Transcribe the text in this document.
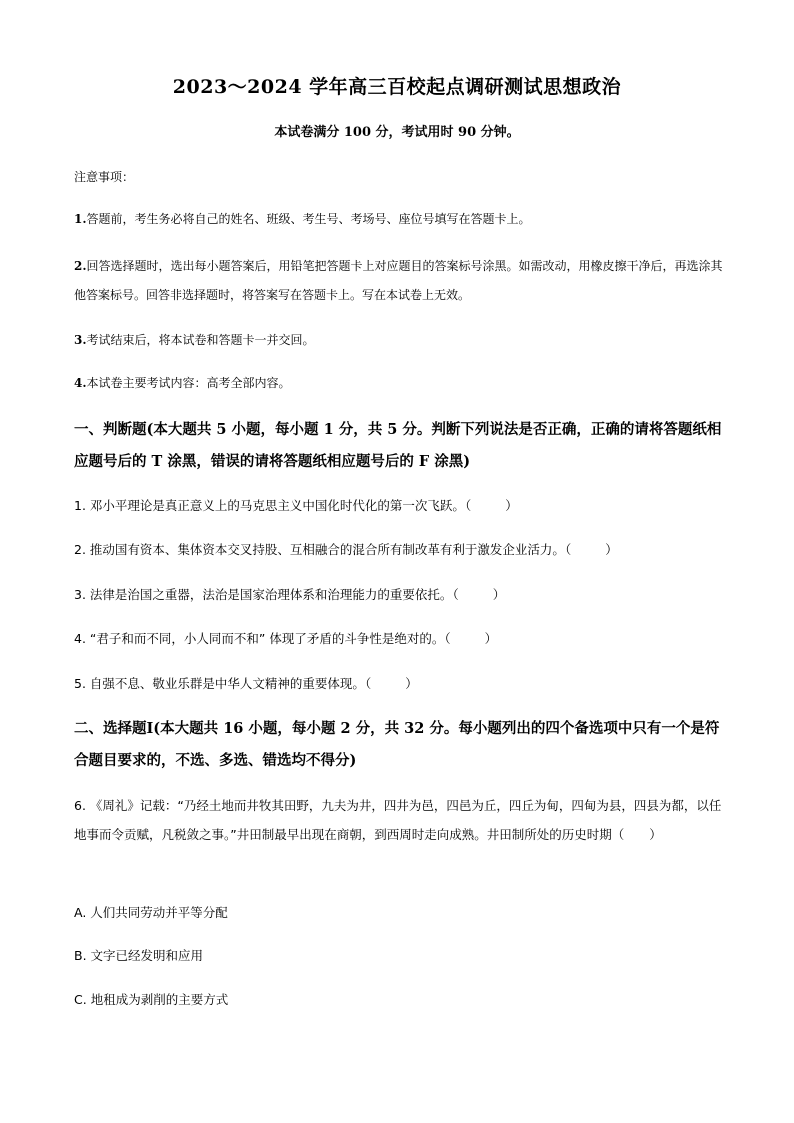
2023～2024 学年高三百校起点调研测试思想政治
本试卷满分 100 分，考试用时 90 分钟。
注意事项：
1.答题前，考生务必将自己的姓名、班级、考生号、考场号、座位号填写在答题卡上。
2.回答选择题时，选出每小题答案后，用铅笔把答题卡上对应题目的答案标号涂黑。如需改动，用橡皮擦干净后，再选涂其他答案标号。回答非选择题时，将答案写在答题卡上。写在本试卷上无效。
3.考试结束后，将本试卷和答题卡一并交回。
4.本试卷主要考试内容：高考全部内容。
一、判断题(本大题共 5 小题，每小题 1 分，共 5 分。判断下列说法是否正确，正确的请将答题纸相应题号后的 T 涂黑，错误的请将答题纸相应题号后的 F 涂黑)
1. 邓小平理论是真正意义上的马克思主义中国化时代化的第一次飞跃。（	）
2. 推动国有资本、集体资本交叉持股、互相融合的混合所有制改革有利于激发企业活力。（	）
3. 法律是治国之重器，法治是国家治理体系和治理能力的重要依托。（	）
4. “君子和而不同，小人同而不和” 体现了矛盾的斗争性是绝对的。（	）
5. 自强不息、敬业乐群是中华人文精神的重要体现。（	）
二、选择题Ⅰ(本大题共 16 小题，每小题 2 分，共 32 分。每小题列出的四个备选项中只有一个是符合题目要求的，不选、多选、错选均不得分)
6. 《周礼》记载：“乃经土地而井牧其田野，九夫为井，四井为邑，四邑为丘，四丘为甸，四甸为县，四县为都，以任地事而令贡赋，凡税敛之事。”井田制最早出现在商朝，到西周时走向成熟。井田制所处的历史时期（　　）
A. 人们共同劳动并平等分配
B. 文字已经发明和应用
C. 地租成为剥削的主要方式
